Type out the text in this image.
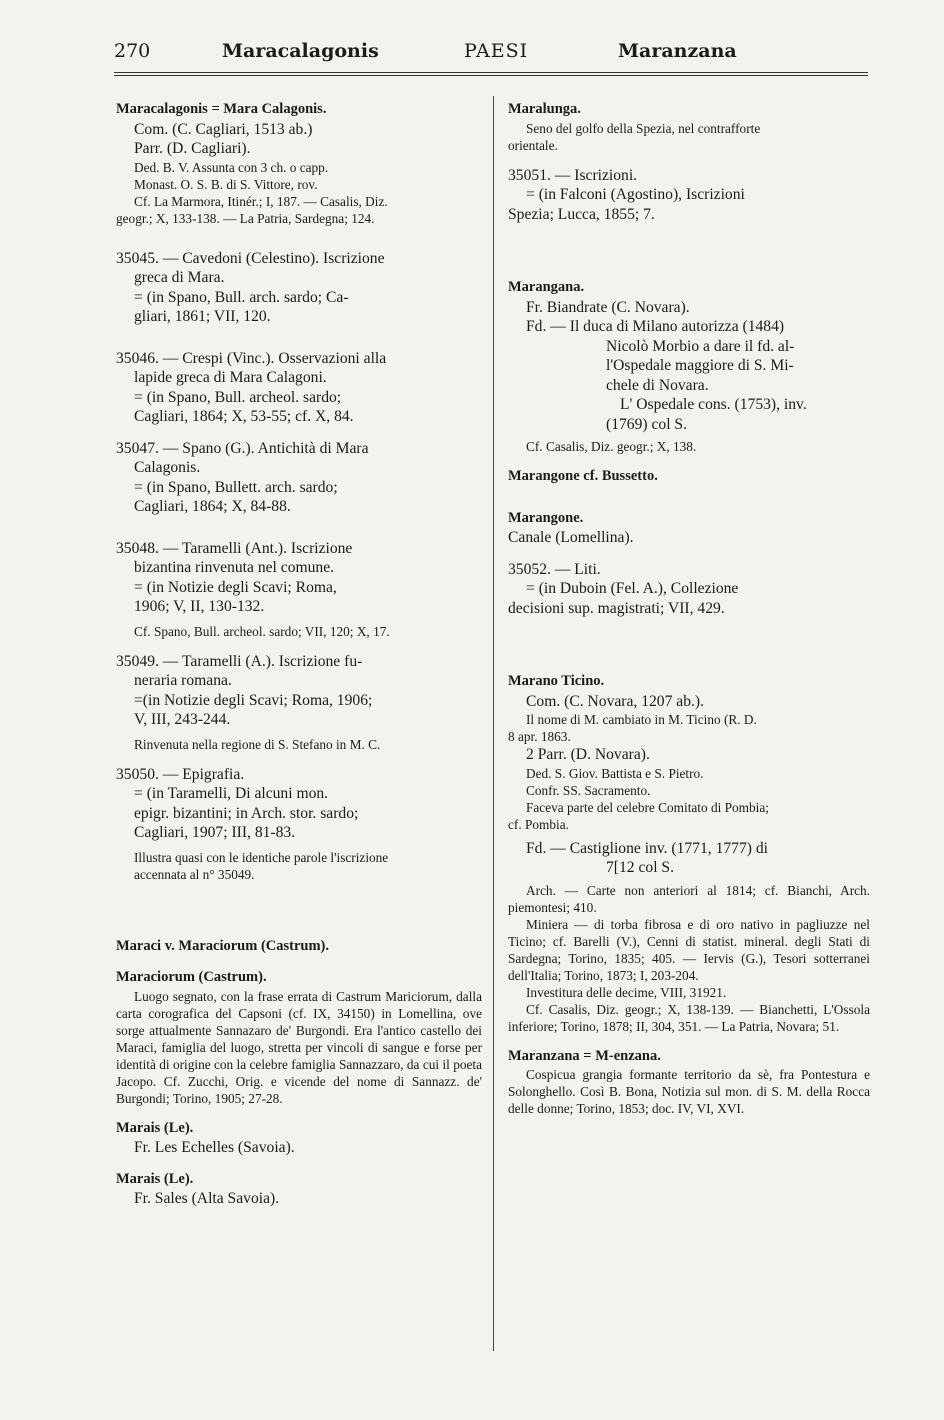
270	Maracalagonis	PAESI	Maranzana

Maracalagonis = Mara Calagonis.

Com. (C. Cagliari, 1513 ab.)

Parr. (D. Cagliari).

Ded. B. V. Assunta con 3 ch. o capp.

Monast. O. S. B. di S. Vittore, rov.

Cf. La Marmora, Itinér.; I, 187. — Casalis, Diz.

geogr.; X, 133-138. — La Patria, Sardegna; 124.

35045. — Cavedoni (Celestino). Iscrizione

greca di Mara.

= (in Spano, Bull. arch. sardo; Ca-

gliari, 1861; VII, 120.

35046. — Crespi (Vinc.). Osservazioni alla

lapide greca di Mara Calagoni.

= (in Spano, Bull. archeol. sardo;

Cagliari, 1864; X, 53-55; cf. X, 84.

35047. — Spano (G.). Antichità di Mara

Calagonis.

= (in Spano, Bullett. arch. sardo;

Cagliari, 1864; X, 84-88.

35048. — Taramelli (Ant.). Iscrizione

bizantina rinvenuta nel comune.

= (in Notizie degli Scavi; Roma,

1906; V, II, 130-132.

Cf. Spano, Bull. archeol. sardo; VII, 120; X, 17.

35049. — Taramelli (A.). Iscrizione fu-

neraria romana.

=(in Notizie degli Scavi; Roma, 1906;

V, III, 243-244.

Rinvenuta nella regione di S. Stefano in M. C.

35050. — Epigrafia.

= (in Taramelli, Di alcuni mon.

epigr. bizantini; in Arch. stor. sardo;

Cagliari, 1907; III, 81-83.

Illustra quasi con le identiche parole l'iscrizione

accennata al n° 35049.

Maraci v. Maraciorum (Castrum).

Maraciorum (Castrum).

Luogo segnato, con la frase errata di Castrum Mariciorum, dalla carta corografica del Capsoni (cf. IX, 34150) in Lomellina, ove sorge attualmente Sannazaro de' Burgondi. Era l'antico castello dei Maraci, famiglia del luogo, stretta per vincoli di sangue e forse per identità di origine con la celebre famiglia Sannazzaro, da cui il poeta Jacopo. Cf. Zucchi, Orig. e vicende del nome di Sannazz. de' Burgondi; Torino, 1905; 27-28.

Marais (Le).

Fr. Les Echelles (Savoia).

Marais (Le).

Fr. Sales (Alta Savoia).

Maralunga.

Seno del golfo della Spezia, nel contrafforte

orientale.

35051. — Iscrizioni.

= (in Falconi (Agostino), Iscrizioni

Spezia; Lucca, 1855; 7.

Marangana.

Fr. Biandrate (C. Novara).

Fd. — Il duca di Milano autorizza (1484)

Nicolò Morbio a dare il fd. al-

l'Ospedale maggiore di S. Mi-

chele di Novara.

L' Ospedale cons. (1753), inv.

(1769) col S.

Cf. Casalis, Diz. geogr.; X, 138.

Marangone cf. Bussetto.

Marangone.

Canale (Lomellina).

35052. — Liti.

= (in Duboin (Fel. A.), Collezione

decisioni sup. magistrati; VII, 429.

Marano Ticino.

Com. (C. Novara, 1207 ab.).

Il nome di M. cambiato in M. Ticino (R. D.

8 apr. 1863.

2 Parr. (D. Novara).

Ded. S. Giov. Battista e S. Pietro.

Confr. SS. Sacramento.

Faceva parte del celebre Comitato di Pombia;

cf. Pombia.

Fd. — Castiglione inv. (1771, 1777) di

7[12 col S.

Arch. — Carte non anteriori al 1814; cf. Bianchi, Arch. piemontesi; 410.

Miniera — di torba fibrosa e di oro nativo in pagliuzze nel Ticino; cf. Barelli (V.), Cenni di statist. mineral. degli Stati di Sardegna; Torino, 1835; 405. — Iervis (G.), Tesori sotterranei dell'Italia; Torino, 1873; I, 203-204.

Investitura delle decime, VIII, 31921.

Cf. Casalis, Diz. geogr.; X, 138-139. — Bianchetti, L'Ossola inferiore; Torino, 1878; II, 304, 351. — La Patria, Novara; 51.

Maranzana = M-enzana.

Cospicua grangia formante territorio da sè, fra Pontestura e Solonghello. Così B. Bona, Notizia sul mon. di S. M. della Rocca delle donne; Torino, 1853; doc. IV, VI, XVI.
